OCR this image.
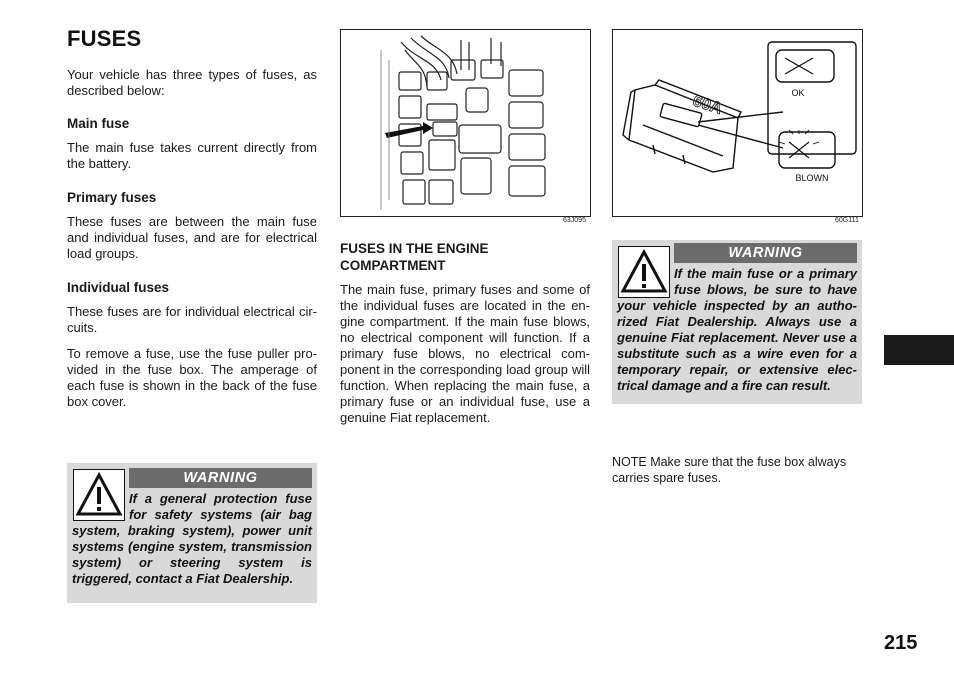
FUSES

Your vehicle has three types of fuses, as described below:

Main fuse

The main fuse takes current directly from the battery.

Primary fuses

These fuses are between the main fuse and individual fuses, and are for electrical load groups.

Individual fuses

These fuses are for individual electrical cir-cuits.

To remove a fuse, use the fuse puller pro-vided in the fuse box. The amperage of each fuse is shown in the back of the fuse box cover.

WARNING
If a general protection fuse for safety systems (air bag system, braking system), power unit systems (engine system, transmission system) or steering system is triggered, contact a Fiat Dealership.
63J095
FUSES IN THE ENGINE COMPARTMENT

The main fuse, primary fuses and some of the individual fuses are located in the en-gine compartment. If the main fuse blows, no electrical component will function. If a primary fuse blows, no electrical com-ponent in the corresponding load group will function. When replacing the main fuse, a primary fuse or an individual fuse, use a genuine Fiat replacement.

60A	OK
BLOWN
60G111
WARNING
If the main fuse or a primary fuse blows, be sure to have your vehicle inspected by an autho-rized Fiat Dealership. Always use a genuine Fiat replacement. Never use a substitute such as a wire even for a temporary repair, or extensive elec-trical damage and a fire can result.
NOTE Make sure that the fuse box always carries spare fuses.
215
